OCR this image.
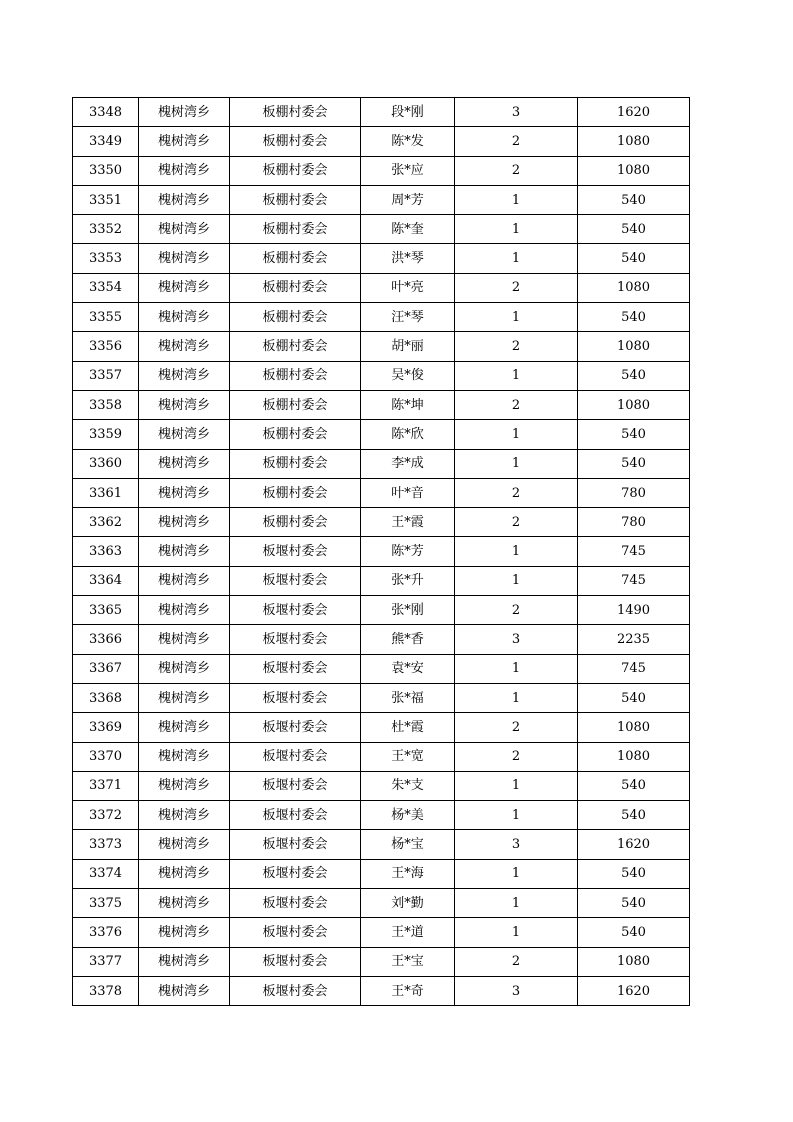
3348	槐树湾乡	板棚村委会	段*刚	3	1620
3349	槐树湾乡	板棚村委会	陈*发	2	1080
3350	槐树湾乡	板棚村委会	张*应	2	1080
3351	槐树湾乡	板棚村委会	周*芳	1	540
3352	槐树湾乡	板棚村委会	陈*奎	1	540
3353	槐树湾乡	板棚村委会	洪*琴	1	540
3354	槐树湾乡	板棚村委会	叶*亮	2	1080
3355	槐树湾乡	板棚村委会	汪*琴	1	540
3356	槐树湾乡	板棚村委会	胡*丽	2	1080
3357	槐树湾乡	板棚村委会	吴*俊	1	540
3358	槐树湾乡	板棚村委会	陈*坤	2	1080
3359	槐树湾乡	板棚村委会	陈*欣	1	540
3360	槐树湾乡	板棚村委会	李*成	1	540
3361	槐树湾乡	板棚村委会	叶*音	2	780
3362	槐树湾乡	板棚村委会	王*霞	2	780
3363	槐树湾乡	板堰村委会	陈*芳	1	745
3364	槐树湾乡	板堰村委会	张*升	1	745
3365	槐树湾乡	板堰村委会	张*刚	2	1490
3366	槐树湾乡	板堰村委会	熊*香	3	2235
3367	槐树湾乡	板堰村委会	袁*安	1	745
3368	槐树湾乡	板堰村委会	张*福	1	540
3369	槐树湾乡	板堰村委会	杜*霞	2	1080
3370	槐树湾乡	板堰村委会	王*宽	2	1080
3371	槐树湾乡	板堰村委会	朱*支	1	540
3372	槐树湾乡	板堰村委会	杨*美	1	540
3373	槐树湾乡	板堰村委会	杨*宝	3	1620
3374	槐树湾乡	板堰村委会	王*海	1	540
3375	槐树湾乡	板堰村委会	刘*勤	1	540
3376	槐树湾乡	板堰村委会	王*道	1	540
3377	槐树湾乡	板堰村委会	王*宝	2	1080
3378	槐树湾乡	板堰村委会	王*奇	3	1620
